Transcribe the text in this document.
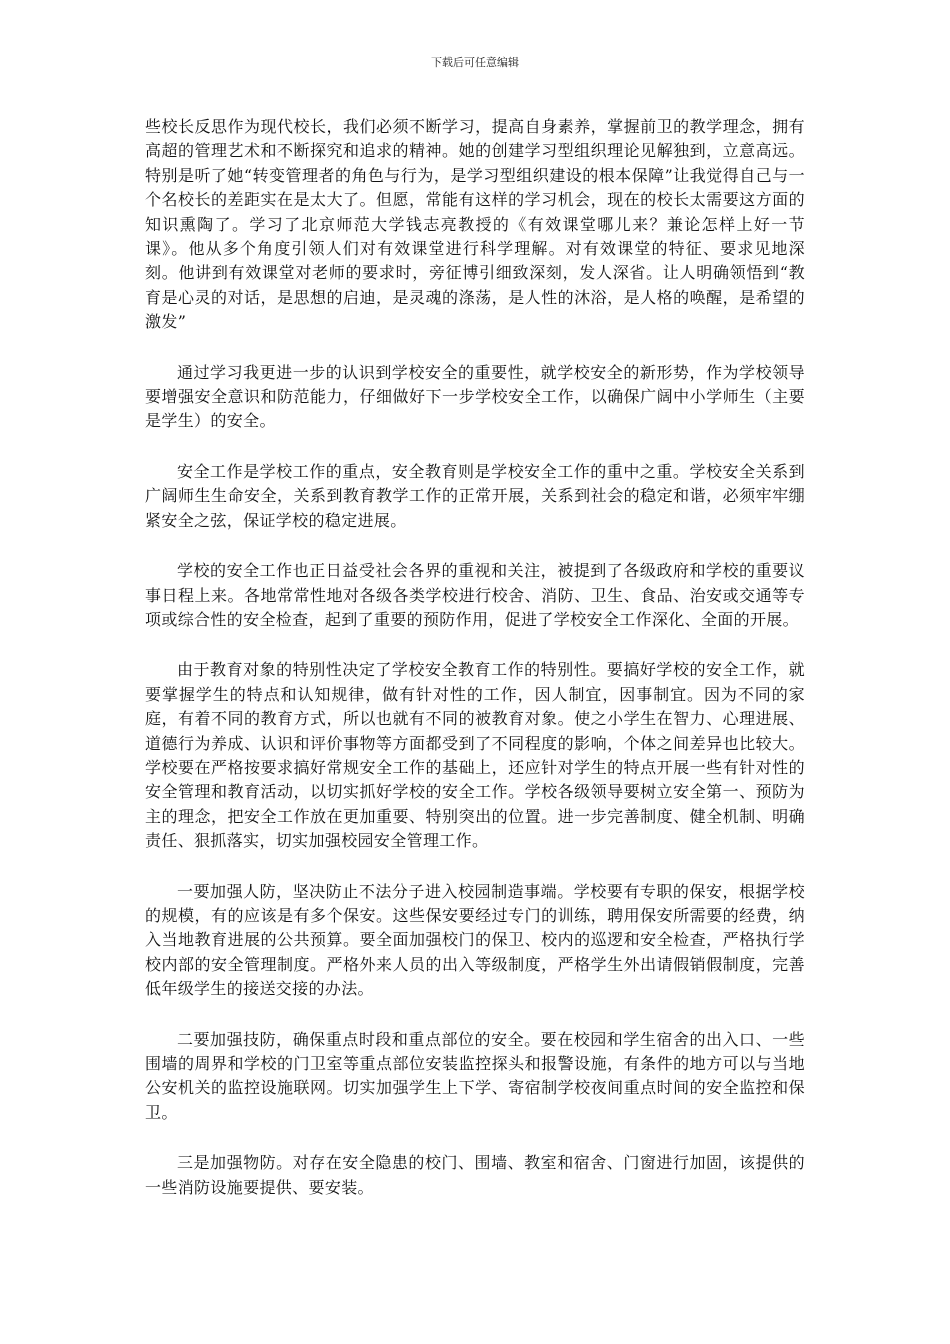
下载后可任意编辑

些校长反思作为现代校长，我们必须不断学习，提高自身素养，掌握前卫的教学理念，拥有高超的管理艺术和不断探究和追求的精神。她的创建学习型组织理论见解独到，立意高远。特别是听了她“转变管理者的角色与行为，是学习型组织建设的根本保障”让我觉得自己与一个名校长的差距实在是太大了。但愿，常能有这样的学习机会，现在的校长太需要这方面的知识熏陶了。学习了北京师范大学钱志亮教授的《有效课堂哪儿来？兼论怎样上好一节课》。他从多个角度引领人们对有效课堂进行科学理解。对有效课堂的特征、要求见地深刻。他讲到有效课堂对老师的要求时，旁征博引细致深刻，发人深省。让人明确领悟到“教育是心灵的对话，是思想的启迪，是灵魂的涤荡，是人性的沐浴，是人格的唤醒，是希望的激发”

通过学习我更进一步的认识到学校安全的重要性，就学校安全的新形势，作为学校领导要增强安全意识和防范能力，仔细做好下一步学校安全工作，以确保广阔中小学师生（主要是学生）的安全。

安全工作是学校工作的重点，安全教育则是学校安全工作的重中之重。学校安全关系到广阔师生生命安全，关系到教育教学工作的正常开展，关系到社会的稳定和谐，必须牢牢绷紧安全之弦，保证学校的稳定进展。

学校的安全工作也正日益受社会各界的重视和关注，被提到了各级政府和学校的重要议事日程上来。各地常常性地对各级各类学校进行校舍、消防、卫生、食品、治安或交通等专项或综合性的安全检查，起到了重要的预防作用，促进了学校安全工作深化、全面的开展。

由于教育对象的特别性决定了学校安全教育工作的特别性。要搞好学校的安全工作，就要掌握学生的特点和认知规律，做有针对性的工作，因人制宜，因事制宜。因为不同的家庭，有着不同的教育方式，所以也就有不同的被教育对象。使之小学生在智力、心理进展、道德行为养成、认识和评价事物等方面都受到了不同程度的影响，个体之间差异也比较大。学校要在严格按要求搞好常规安全工作的基础上，还应针对学生的特点开展一些有针对性的安全管理和教育活动，以切实抓好学校的安全工作。学校各级领导要树立安全第一、预防为主的理念，把安全工作放在更加重要、特别突出的位置。进一步完善制度、健全机制、明确责任、狠抓落实，切实加强校园安全管理工作。

一要加强人防，坚决防止不法分子进入校园制造事端。学校要有专职的保安，根据学校的规模，有的应该是有多个保安。这些保安要经过专门的训练，聘用保安所需要的经费，纳入当地教育进展的公共预算。要全面加强校门的保卫、校内的巡逻和安全检查，严格执行学校内部的安全管理制度。严格外来人员的出入等级制度，严格学生外出请假销假制度，完善低年级学生的接送交接的办法。

二要加强技防，确保重点时段和重点部位的安全。要在校园和学生宿舍的出入口、一些围墙的周界和学校的门卫室等重点部位安装监控探头和报警设施，有条件的地方可以与当地公安机关的监控设施联网。切实加强学生上下学、寄宿制学校夜间重点时间的安全监控和保卫。

三是加强物防。对存在安全隐患的校门、围墙、教室和宿舍、门窗进行加固，该提供的一些消防设施要提供、要安装。
